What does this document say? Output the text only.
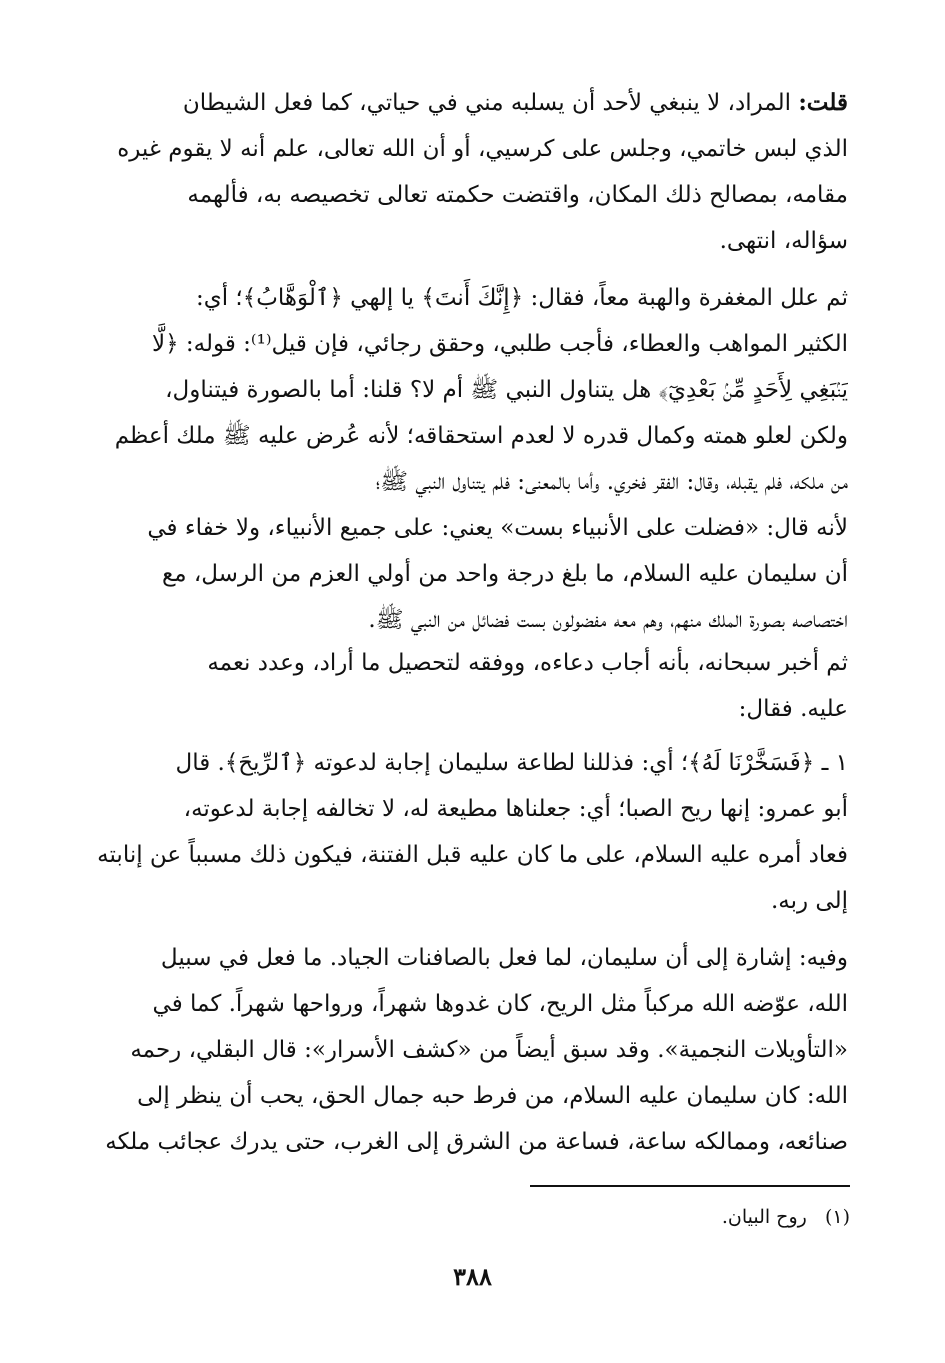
قلت: المراد، لا ينبغي لأحد أن يسلبه مني في حياتي، كما فعل الشيطان
الذي لبس خاتمي، وجلس على كرسيي، أو أن الله تعالى، علم أنه لا يقوم غيره
مقامه، بمصالح ذلك المكان، واقتضت حكمته تعالى تخصيصه به، فألهمه
سؤاله، انتهى.
ثم علل المغفرة والهبة معاً، فقال: ﴿إِنَّكَ أَنتَ﴾ يا إلهي ﴿ٱلْوَهَّابُ﴾؛ أي:
الكثير المواهب والعطاء، فأجب طلبي، وحقق رجائي، فإن قيل⁽¹⁾: قوله: ﴿لَّا
يَنۢبَغِي لِأَحَدٍ مِّنۢ بَعْدِيٓ﴾ هل يتناول النبي ﷺ أم لا؟ قلنا: أما بالصورة فيتناول،
ولكن لعلو همته وكمال قدره لا لعدم استحقاقه؛ لأنه عُرض عليه ﷺ ملك أعظم
من ملكه، فلم يقبله، وقال: الفقر فخري. وأما بالمعنى: فلم يتناول النبي ﷺ؛
لأنه قال: «فضلت على الأنبياء بست» يعني: على جميع الأنبياء، ولا خفاء في
أن سليمان عليه السلام، ما بلغ درجة واحد من أولي العزم من الرسل، مع
اختصاصه بصورة الملك منهم، وهم معه مفضولون بست فضائل من النبي ﷺ.
ثم أخبر سبحانه، بأنه أجاب دعاءه، ووفقه لتحصيل ما أراد، وعدد نعمه
عليه. فقال:
١ ـ ﴿فَسَخَّرْنَا لَهُ﴾؛ أي: فذللنا لطاعة سليمان إجابة لدعوته ﴿ٱلرِّيحَ﴾. قال
أبو عمرو: إنها ريح الصبا؛ أي: جعلناها مطيعة له، لا تخالفه إجابة لدعوته،
فعاد أمره عليه السلام، على ما كان عليه قبل الفتنة، فيكون ذلك مسبباً عن إنابته
إلى ربه.
وفيه: إشارة إلى أن سليمان، لما فعل بالصافنات الجياد. ما فعل في سبيل
الله، عوّضه الله مركباً مثل الريح، كان غدوها شهراً، ورواحها شهراً. كما في
«التأويلات النجمية». وقد سبق أيضاً من «كشف الأسرار»: قال البقلي، رحمه
الله: كان سليمان عليه السلام، من فرط حبه جمال الحق، يحب أن ينظر إلى
صنائعه، وممالكه ساعة، فساعة من الشرق إلى الغرب، حتى يدرك عجائب ملكه
(١)   روح البيان.
٣٨٨
